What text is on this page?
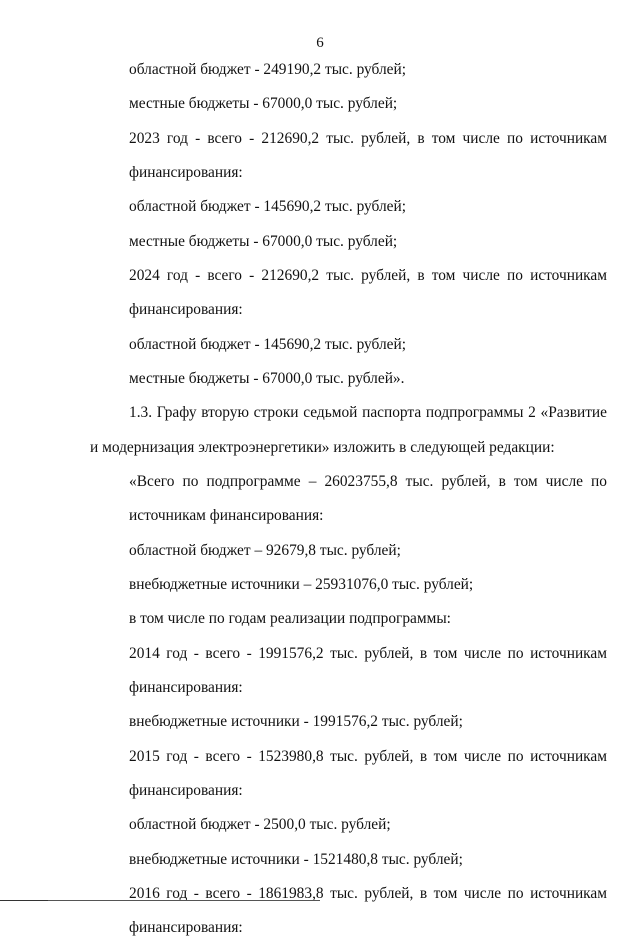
6
областной бюджет - 249190,2 тыс. рублей;
местные бюджеты - 67000,0 тыс. рублей;
2023 год - всего - 212690,2 тыс. рублей, в том числе по источникам
финансирования:
областной бюджет - 145690,2 тыс. рублей;
местные бюджеты - 67000,0 тыс. рублей;
2024 год - всего - 212690,2 тыс. рублей, в том числе по источникам
финансирования:
областной бюджет - 145690,2 тыс. рублей;
местные бюджеты - 67000,0 тыс. рублей».
1.3. Графу вторую строки седьмой паспорта подпрограммы 2 «Развитие
и модернизация электроэнергетики» изложить в следующей редакции:
«Всего по подпрограмме – 26023755,8 тыс. рублей, в том числе по
источникам финансирования:
областной бюджет – 92679,8 тыс. рублей;
внебюджетные источники – 25931076,0 тыс. рублей;
в том числе по годам реализации подпрограммы:
2014 год - всего - 1991576,2 тыс. рублей, в том числе по источникам
финансирования:
внебюджетные источники - 1991576,2 тыс. рублей;
2015 год - всего - 1523980,8 тыс. рублей, в том числе по источникам
финансирования:
областной бюджет - 2500,0 тыс. рублей;
внебюджетные источники - 1521480,8 тыс. рублей;
2016 год - всего - 1861983,8 тыс. рублей, в том числе по источникам
финансирования:
